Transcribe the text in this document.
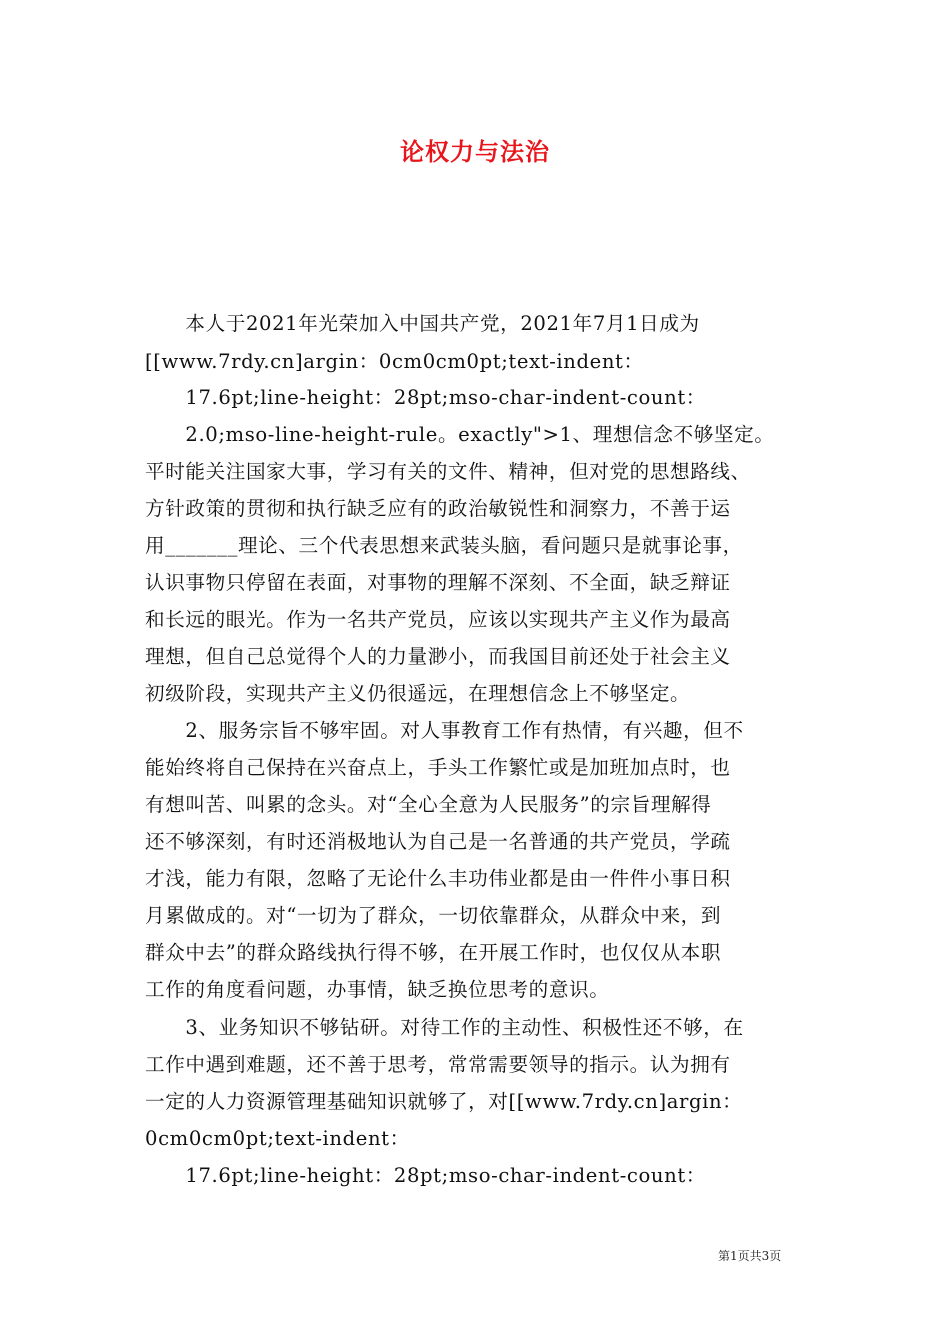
论权力与法治
　　本人于2021年光荣加入中国共产党，2021年7月1日成为
[[www.7rdy.cn]argin：0cm0cm0pt;text-indent：
　　17.6pt;line-height：28pt;mso-char-indent-count：
　　2.0;mso-line-height-rule。exactly">1、理想信念不够坚定。
平时能关注国家大事，学习有关的文件、精神，但对党的思想路线、
方针政策的贯彻和执行缺乏应有的政治敏锐性和洞察力，不善于运
用_______理论、三个代表思想来武装头脑，看问题只是就事论事，
认识事物只停留在表面，对事物的理解不深刻、不全面，缺乏辩证
和长远的眼光。作为一名共产党员，应该以实现共产主义作为最高
理想，但自己总觉得个人的力量渺小，而我国目前还处于社会主义
初级阶段，实现共产主义仍很遥远，在理想信念上不够坚定。
　　2、服务宗旨不够牢固。对人事教育工作有热情，有兴趣，但不
能始终将自己保持在兴奋点上，手头工作繁忙或是加班加点时，也
有想叫苦、叫累的念头。对“全心全意为人民服务”的宗旨理解得
还不够深刻，有时还消极地认为自己是一名普通的共产党员，学疏
才浅，能力有限，忽略了无论什么丰功伟业都是由一件件小事日积
月累做成的。对“一切为了群众，一切依靠群众，从群众中来，到
群众中去”的群众路线执行得不够，在开展工作时，也仅仅从本职
工作的角度看问题，办事情，缺乏换位思考的意识。
　　3、业务知识不够钻研。对待工作的主动性、积极性还不够，在
工作中遇到难题，还不善于思考，常常需要领导的指示。认为拥有
一定的人力资源管理基础知识就够了，对[[www.7rdy.cn]argin：
0cm0cm0pt;text-indent：
　　17.6pt;line-height：28pt;mso-char-indent-count：
第1页共3页
